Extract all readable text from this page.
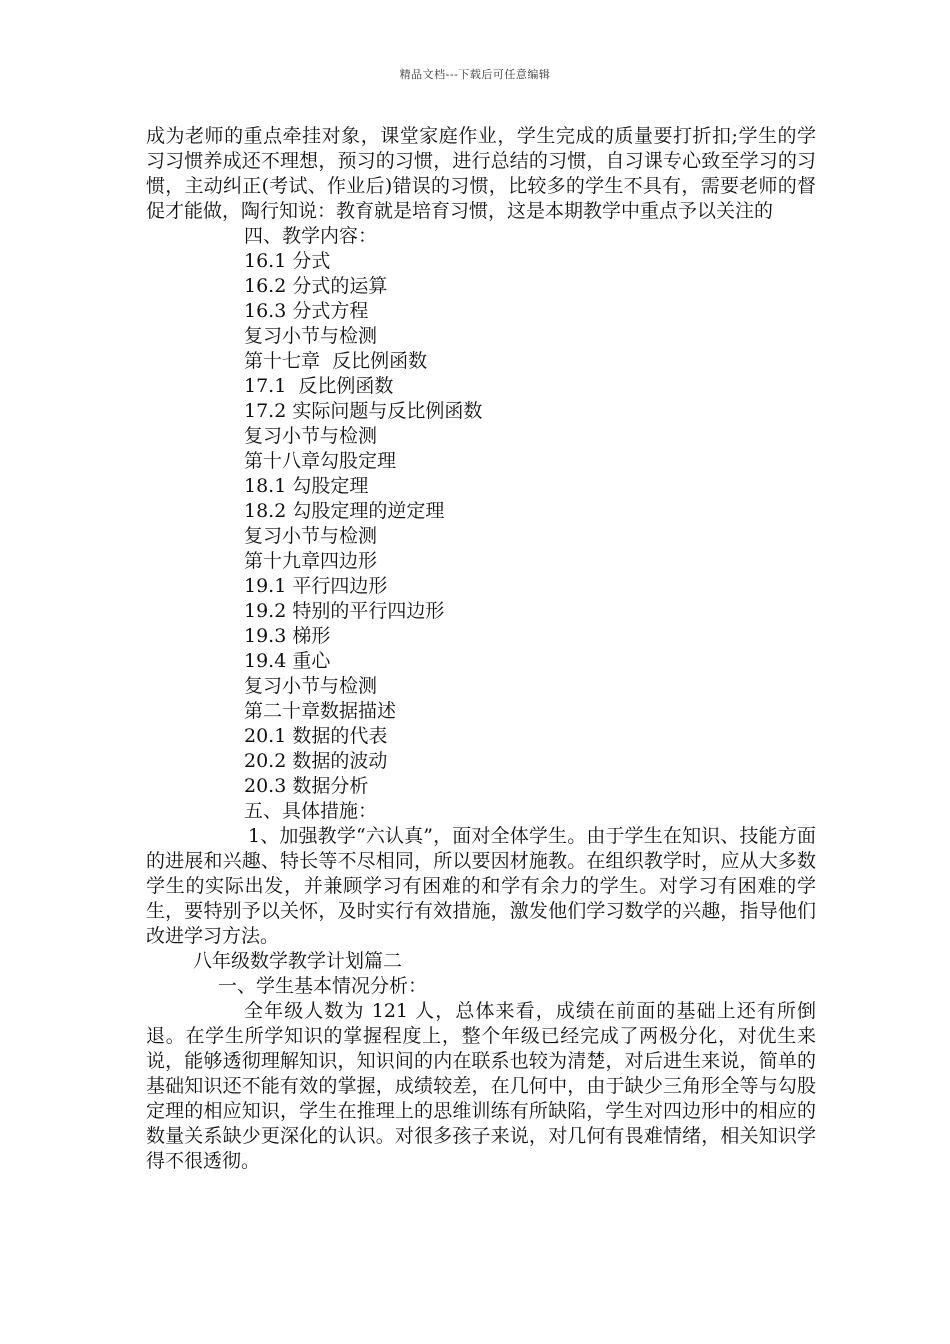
精品文档---下载后可任意编辑

成为老师的重点牵挂对象，课堂家庭作业，学生完成的质量要打折扣;学生的学习习惯养成还不理想，预习的习惯，进行总结的习惯，自习课专心致至学习的习惯，主动纠正(考试、作业后)错误的习惯，比较多的学生不具有，需要老师的督促才能做，陶行知说：教育就是培育习惯，这是本期教学中重点予以关注的

四、教学内容：

16.1 分式

16.2 分式的运算

16.3 分式方程

复习小节与检测

第十七章  反比例函数

17.1  反比例函数

17.2 实际问题与反比例函数

复习小节与检测

第十八章勾股定理

18.1 勾股定理

18.2 勾股定理的逆定理

复习小节与检测

第十九章四边形

19.1 平行四边形

19.2 特别的平行四边形

19.3 梯形

19.4 重心

复习小节与检测

第二十章数据描述

20.1 数据的代表

20.2 数据的波动

20.3 数据分析

五、具体措施：

1、加强教学“六认真”，面对全体学生。由于学生在知识、技能方面的进展和兴趣、特长等不尽相同，所以要因材施教。在组织教学时，应从大多数学生的实际出发，并兼顾学习有困难的和学有余力的学生。对学习有困难的学生，要特别予以关怀，及时实行有效措施，激发他们学习数学的兴趣，指导他们改进学习方法。

八年级数学教学计划篇二

一、学生基本情况分析：

全年级人数为 121 人，总体来看，成绩在前面的基础上还有所倒退。在学生所学知识的掌握程度上，整个年级已经完成了两极分化，对优生来说，能够透彻理解知识，知识间的内在联系也较为清楚，对后进生来说，简单的基础知识还不能有效的掌握，成绩较差，在几何中，由于缺少三角形全等与勾股定理的相应知识，学生在推理上的思维训练有所缺陷，学生对四边形中的相应的数量关系缺少更深化的认识。对很多孩子来说，对几何有畏难情绪，相关知识学得不很透彻。
